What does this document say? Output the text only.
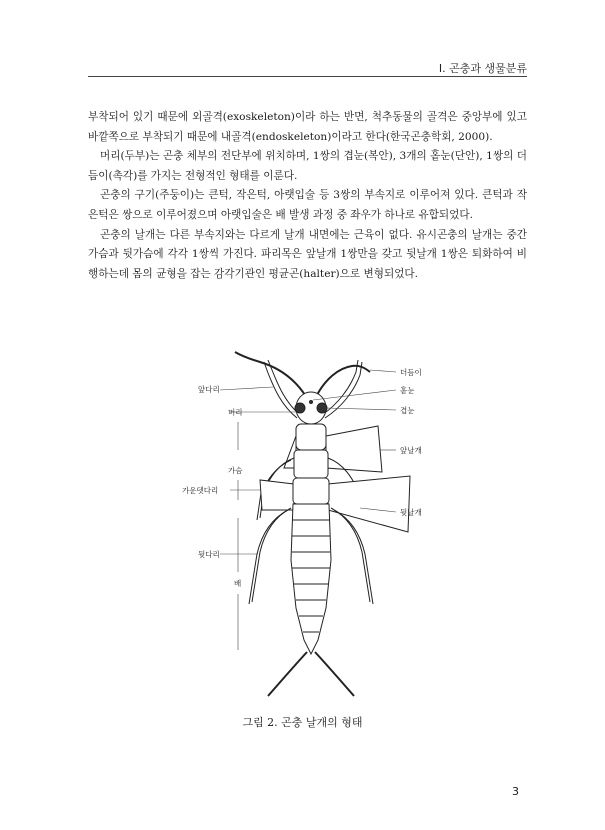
I. 곤충과 생물분류

부착되어 있기 때문에 외골격(exoskeleton)이라 하는 반면, 척추동물의 골격은 중앙부에 있고 바깥쪽으로 부착되기 때문에 내골격(endoskeleton)이라고 한다(한국곤충학회, 2000).

머리(두부)는 곤충 체부의 전단부에 위치하며, 1쌍의 겹눈(복안), 3개의 홑눈(단안), 1쌍의 더듬이(촉각)를 가지는 전형적인 형태를 이룬다.

곤충의 구기(주둥이)는 큰턱, 작은턱, 아랫입술 등 3쌍의 부속지로 이루어져 있다. 큰턱과 작은턱은 쌍으로 이루어졌으며 아랫입술은 배 발생 과정 중 좌우가 하나로 유합되었다.

곤충의 날개는 다른 부속지와는 다르게 날개 내면에는 근육이 없다. 유시곤충의 날개는 중간가슴과 뒷가슴에 각각 1쌍씩 가진다. 파리목은 앞날개 1쌍만을 갖고 뒷날개 1쌍은 퇴화하여 비행하는데 몸의 균형을 잡는 감각기관인 평균곤(halter)으로 변형되었다.

더듬이
앞다리	홑눈
머리	겹눈
앞날개
가슴
가운뎃다리
뒷날개
뒷다리
배
그림 2. 곤충 날개의 형태
3
